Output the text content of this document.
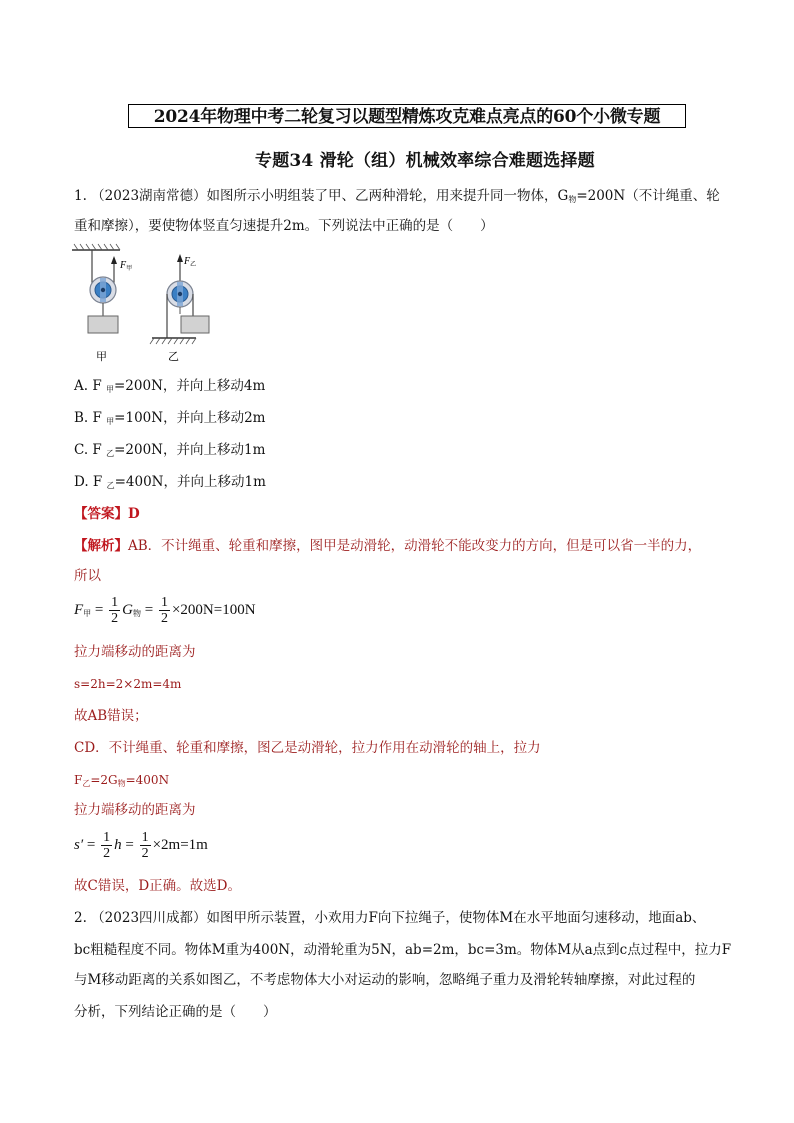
2024年物理中考二轮复习以题型精炼攻克难点亮点的60个小微专题
专题34 滑轮（组）机械效率综合难题选择题
1. （2023湖南常德）如图所示小明组装了甲、乙两种滑轮，用来提升同一物体，$G_物=200N$（不计绳重、轮
重和摩擦），要使物体竖直匀速提升2m。下列说法中正确的是（　　）
$F_甲$
甲
$F_乙$
乙
A. F $_甲$=200N，并向上移动4m
B. F $_甲$=100N，并向上移动2m
C. F $_乙$=200N，并向上移动1m
D. F $_乙$=400N，并向上移动1m
【答案】D
【解析】AB．不计绳重、轮重和摩擦，图甲是动滑轮，动滑轮不能改变力的方向，但是可以省一半的力，
所以
$F_甲 = \frac{1}{2} G_物 = \frac{1}{2} \times 200N=100N$
拉力端移动的距离为
s=2h=2×2m=4m
故AB错误；
CD．不计绳重、轮重和摩擦，图乙是动滑轮，拉力作用在动滑轮的轴上，拉力
$F_乙=2G_物=400N$
拉力端移动的距离为
$s' = \frac{1}{2}$ $h = \frac{1}{2} \times 2m=1m$
故C错误，D正确。故选D。
2. （2023四川成都）如图甲所示装置，小欢用力F向下拉绳子，使物体M在水平地面匀速移动，地面ab、
bc粗糙程度不同。物体M重为400N，动滑轮重为5N，ab=2m，bc=3m。物体M从a点到c点过程中，拉力F
与M移动距离的关系如图乙，不考虑物体大小对运动的影响，忽略绳子重力及滑轮转轴摩擦，对此过程的
分析，下列结论正确的是（　　）
